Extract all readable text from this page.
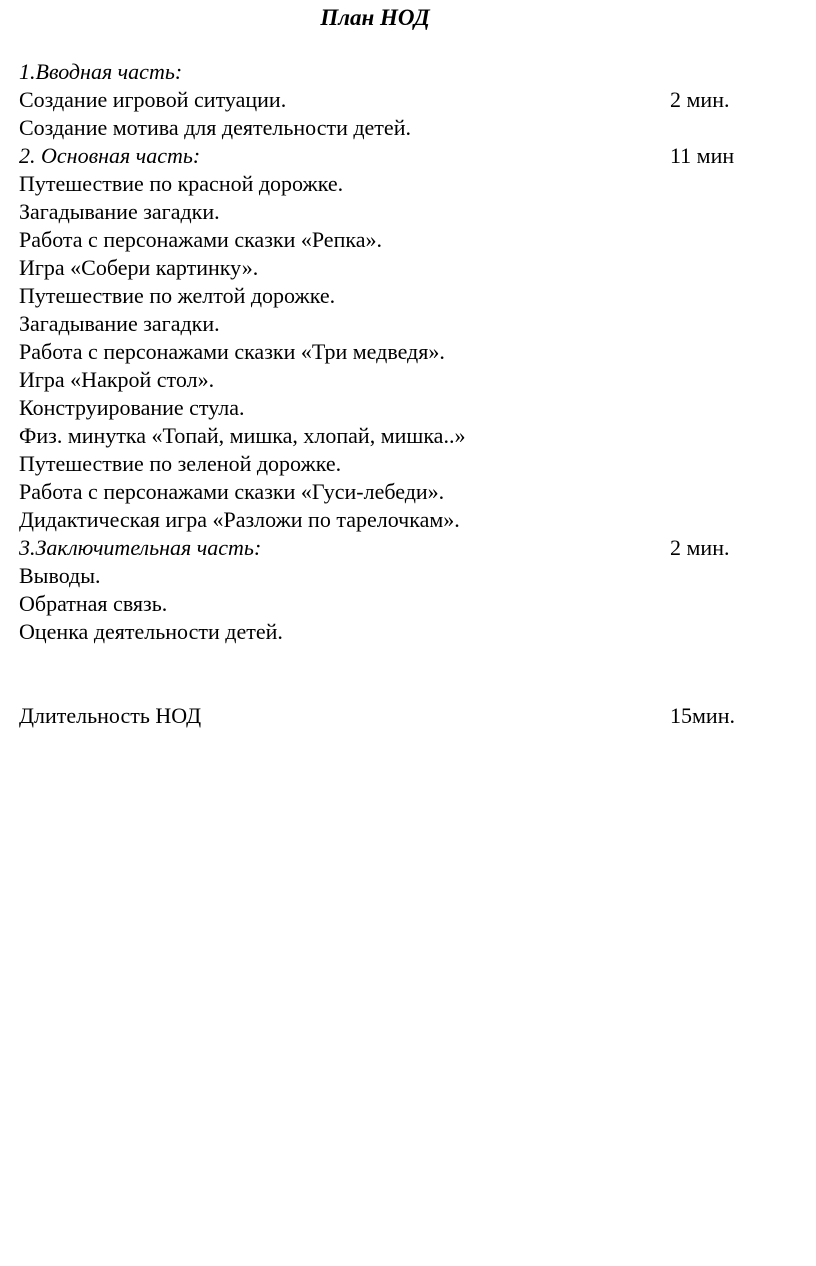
План НОД
1.Вводная часть:
Создание игровой ситуации.	2 мин.
Создание мотива для деятельности детей.
2. Основная часть:	11 мин
Путешествие по красной дорожке.
Загадывание загадки.
Работа с персонажами сказки «Репка».
Игра «Собери картинку».
Путешествие по желтой дорожке.
Загадывание загадки.
Работа с персонажами сказки «Три медведя».
Игра «Накрой стол».
Конструирование стула.
Физ. минутка «Топай, мишка, хлопай, мишка..»
Путешествие по зеленой дорожке.
Работа с персонажами сказки «Гуси-лебеди».
Дидактическая игра «Разложи по тарелочкам».
3.Заключительная часть:	2 мин.
Выводы.
Обратная связь.
Оценка деятельности детей.
Длительность НОД	15мин.
